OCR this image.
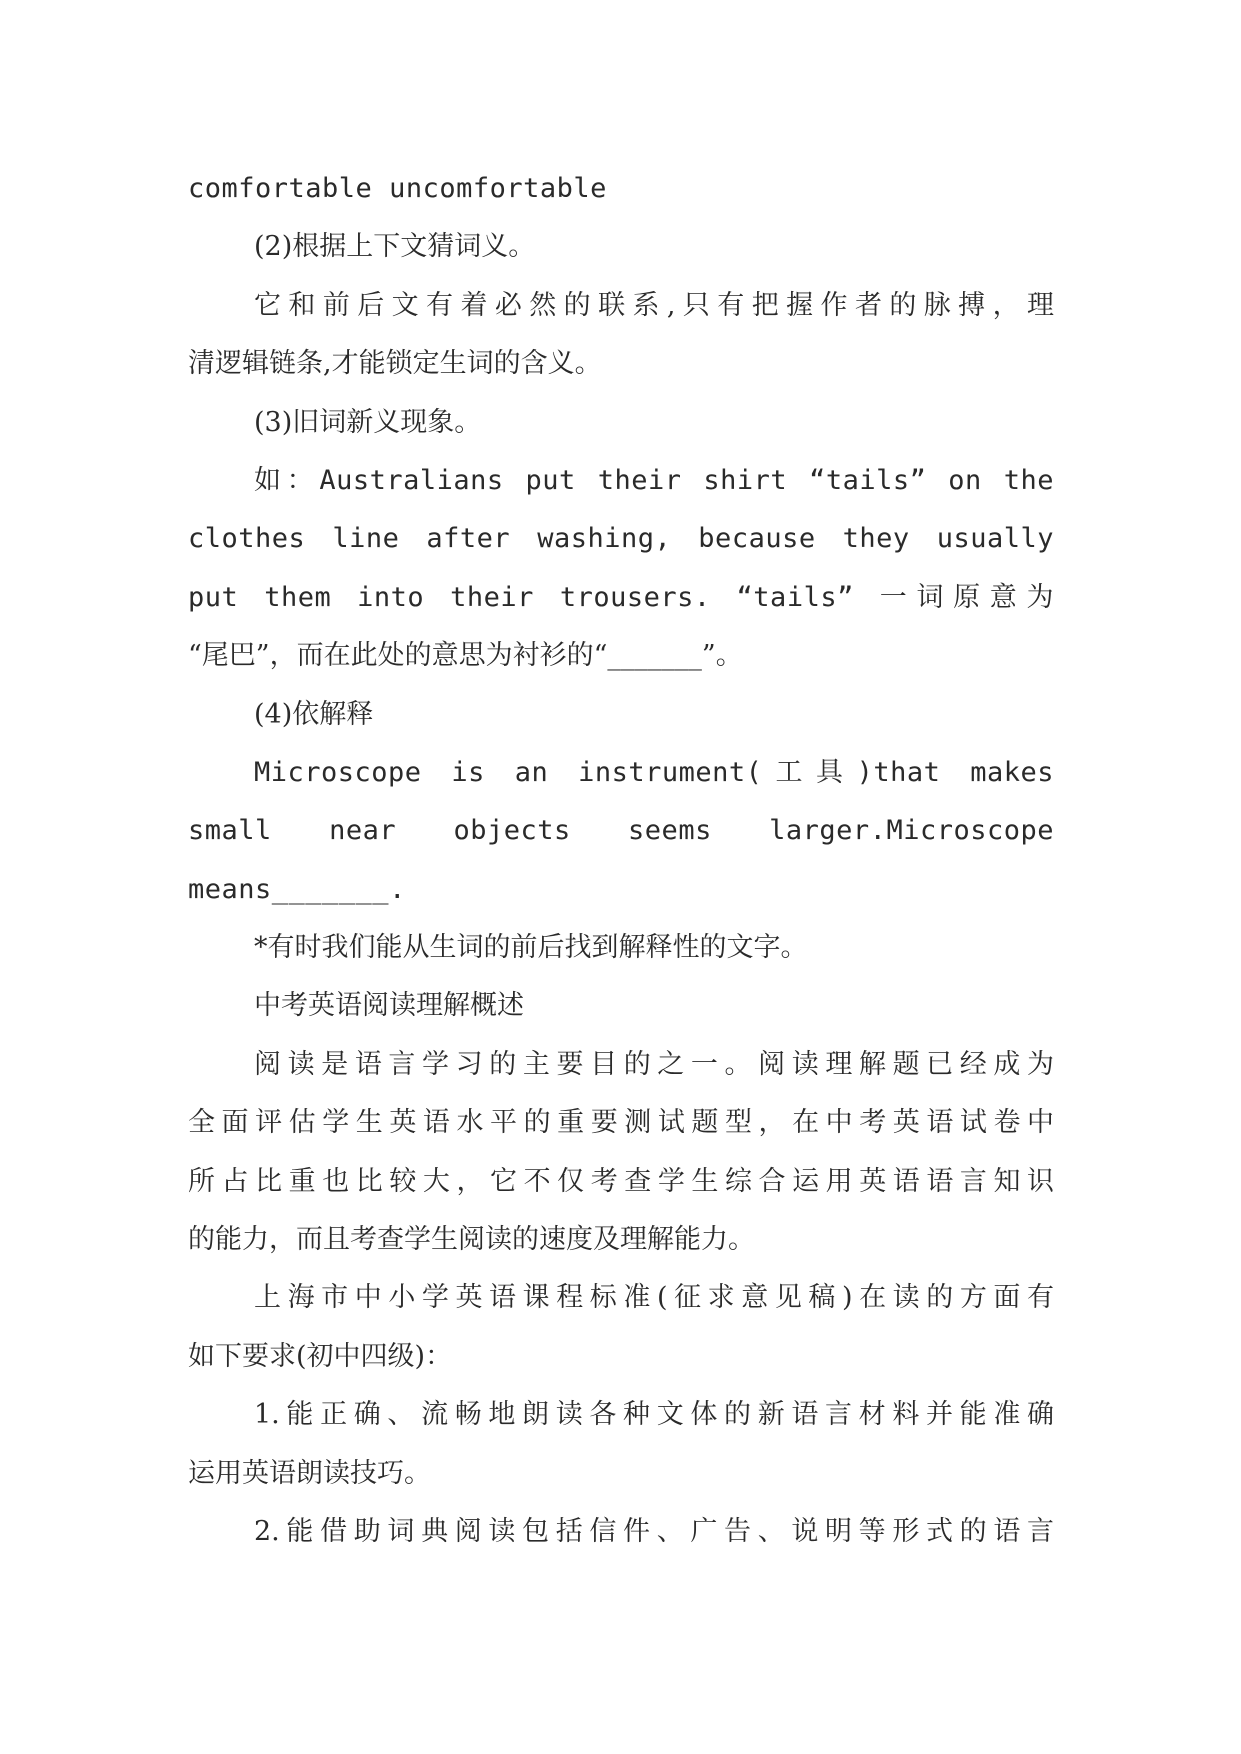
comfortable uncomfortable
(2)根据上下文猜词义。
它和前后文有着必然的联系,只有把握作者的脉搏，理
清逻辑链条,才能锁定生词的含义。
(3)旧词新义现象。
如：Australians put their shirt “tails” on the
clothes line after washing, because they usually
put them into their trousers. “tails” 一词原意为
“尾巴”，而在此处的意思为衬衫的“_______”。
(4)依解释
Microscope is an instrument(工具)that makes
small near objects seems larger.Microscope
means_______.
*有时我们能从生词的前后找到解释性的文字。
中考英语阅读理解概述
阅读是语言学习的主要目的之一。阅读理解题已经成为
全面评估学生英语水平的重要测试题型，在中考英语试卷中
所占比重也比较大，它不仅考查学生综合运用英语语言知识
的能力，而且考查学生阅读的速度及理解能力。
上海市中小学英语课程标准(征求意见稿)在读的方面有
如下要求(初中四级)：
1.能正确、流畅地朗读各种文体的新语言材料并能准确
运用英语朗读技巧。
2.能借助词典阅读包括信件、广告、说明等形式的语言
